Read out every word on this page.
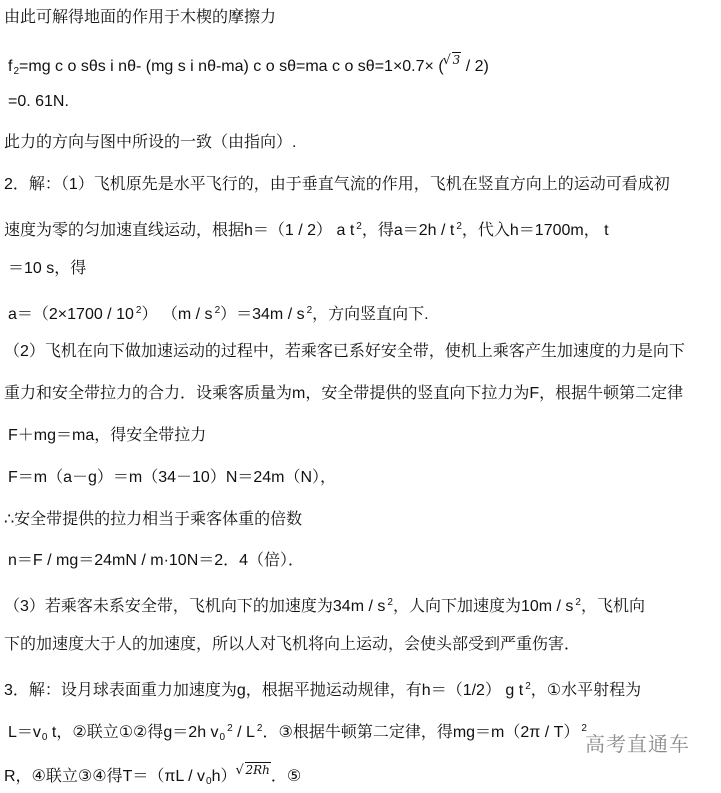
由此可解得地面的作用于木楔的摩擦力
$f_2=mg$ c o sθs i nθ- (mg s i nθ-ma) c o sθ=ma c o sθ=1×0.7× ( √ $^3$ / 2)
=0. 61N.
此力的方向与图中所设的一致（由指向）.
2．解：（1）飞机原先是水平飞行的，由于垂直气流的作用，飞机在竖直方向上的运动可看成初
速度为零的匀加速直线运动，根据h＝（1 / 2） a t $^2$，得a＝2h / t $^2$，代入h＝1700m， t
＝10 s，得
a＝（2×1700 / 10 $^2$） （m / s $^2$）＝34m / s $^2$，方向竖直向下.
（2）飞机在向下做加速运动的过程中，若乘客已系好安全带，使机上乘客产生加速度的力是向下
重力和安全带拉力的合力．设乘客质量为m，安全带提供的竖直向下拉力为F，根据牛顿第二定律
F＋mg＝ma，得安全带拉力
F＝m（a－g）＝m（34－10）N＝24m（N），
∴安全带提供的拉力相当于乘客体重的倍数
n＝F / mg＝24mN / m·10N＝2．4（倍）．
（3）若乘客未系安全带，飞机向下的加速度为34m / s $^2$，人向下加速度为10m / s $^2$，飞机向
下的加速度大于人的加速度，所以人对飞机将向上运动，会使头部受到严重伤害．
3．解：设月球表面重力加速度为g，根据平抛运动规律，有h＝（1/2） g t $^2$，①水平射程为
$L=v_0$ t，②联立①②得g＝2h $v_0^2$ / L $^2$．③根据牛顿第二定律，得mg＝m（2π / T） $^2$
R，④联立③④得$T=(\pi L / v_0h)$ √ $^{2Rh}$．⑤
高考直通车
